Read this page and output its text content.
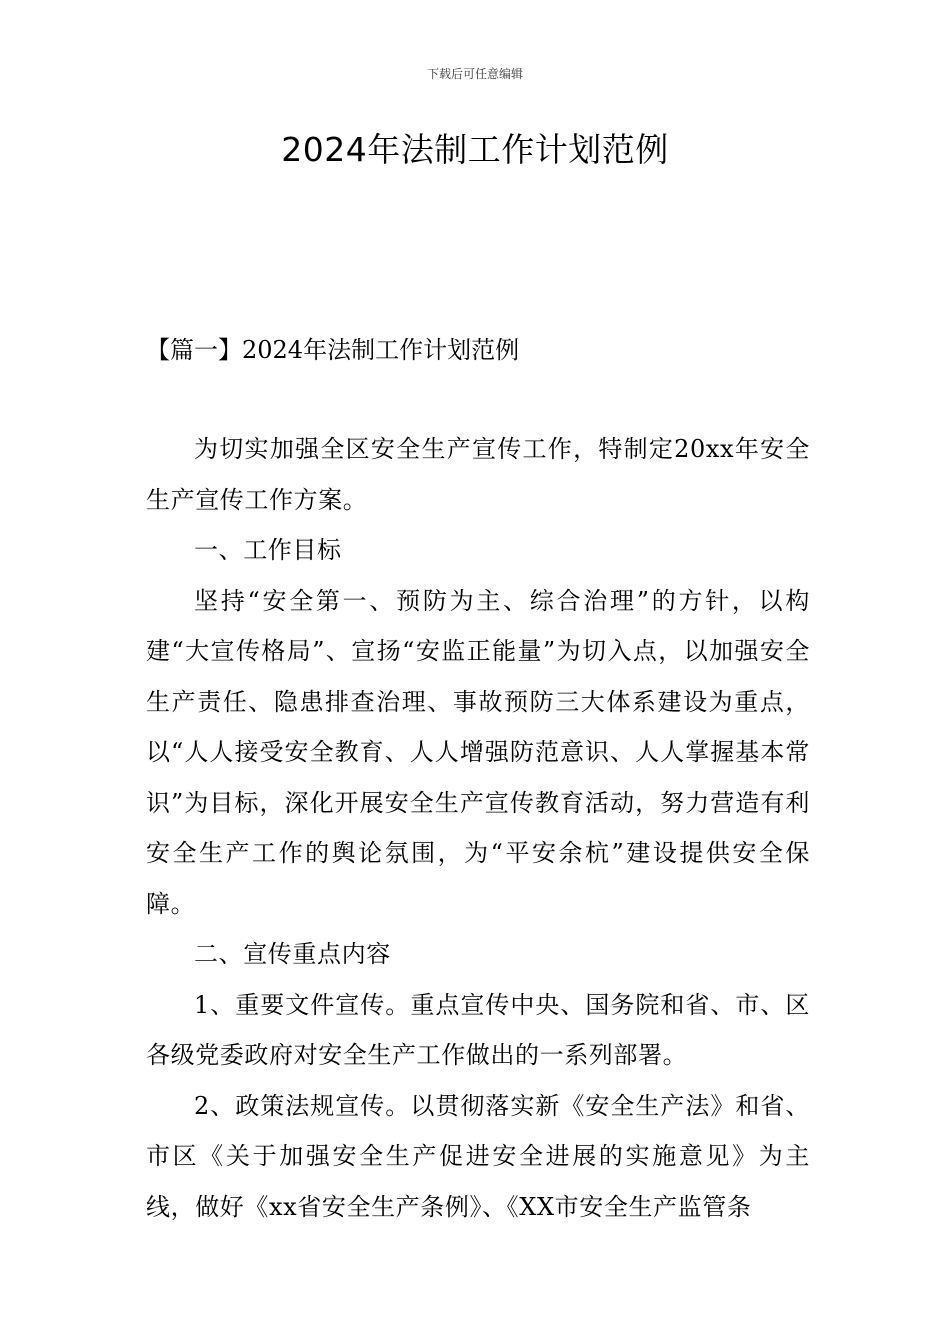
下载后可任意编辑
2024年法制工作计划范例
【篇一】2024年法制工作计划范例

为切实加强全区安全生产宣传工作，特制定20xx年安全生产宣传工作方案。

一、工作目标

坚持“安全第一、预防为主、综合治理”的方针，以构建“大宣传格局”、宣扬“安监正能量”为切入点，以加强安全生产责任、隐患排查治理、事故预防三大体系建设为重点，以“人人接受安全教育、人人增强防范意识、人人掌握基本常识”为目标，深化开展安全生产宣传教育活动，努力营造有利安全生产工作的舆论氛围，为“平安余杭”建设提供安全保障。

二、宣传重点内容

1、重要文件宣传。重点宣传中央、国务院和省、市、区各级党委政府对安全生产工作做出的一系列部署。

2、政策法规宣传。以贯彻落实新《安全生产法》和省、市区《关于加强安全生产促进安全进展的实施意见》为主线，做好《xx省安全生产条例》、《XX市安全生产监管条
